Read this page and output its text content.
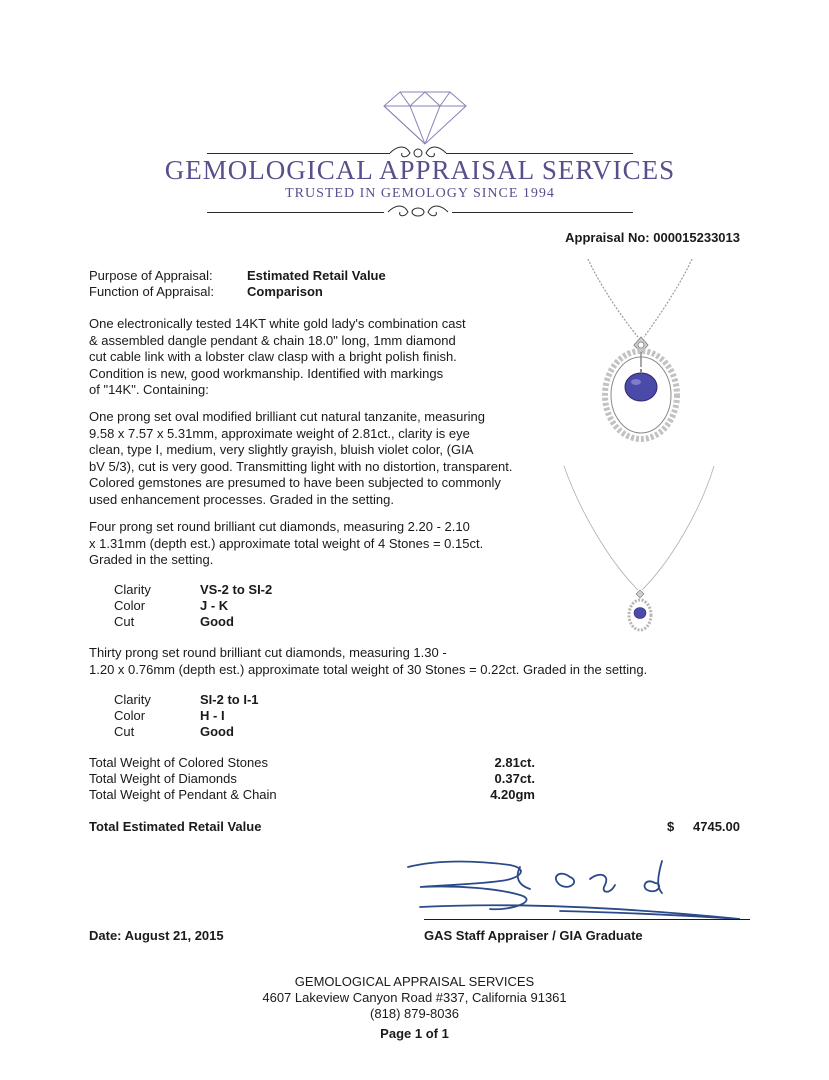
GEMOLOGICAL APPRAISAL SERVICES
TRUSTED IN GEMOLOGY SINCE 1994
Appraisal No: 000015233013
Purpose of Appraisal:	Estimated Retail Value
Function of Appraisal:	Comparison
One electronically tested 14KT white gold lady's combination cast
& assembled dangle pendant & chain 18.0" long, 1mm diamond
cut cable link with a lobster claw clasp with a bright polish finish.
Condition is new, good workmanship. Identified with markings
of "14K". Containing:
One prong set oval modified brilliant cut natural tanzanite, measuring
9.58 x 7.57 x 5.31mm, approximate weight of 2.81ct., clarity is eye
clean, type I, medium, very slightly grayish, bluish violet color, (GIA
bV 5/3), cut is very good. Transmitting light with no distortion, transparent.
Colored gemstones are presumed to have been subjected to commonly
used enhancement processes. Graded in the setting.
Four prong set round brilliant cut diamonds, measuring 2.20 - 2.10
x 1.31mm (depth est.) approximate total weight of 4 Stones = 0.15ct.
Graded in the setting.
Clarity	VS-2 to SI-2
Color	J - K
Cut	Good
Thirty prong set round brilliant cut diamonds, measuring 1.30 -
1.20 x 0.76mm (depth est.) approximate total weight of 30 Stones = 0.22ct. Graded in the setting.
Clarity	SI-2 to I-1
Color	H - I
Cut	Good
Total Weight of Colored Stones	2.81ct.
Total Weight of Diamonds	0.37ct.
Total Weight of Pendant & Chain	4.20gm
Total Estimated Retail Value	$ 4745.00
Date: August 21, 2015	GAS Staff Appraiser / GIA Graduate
GEMOLOGICAL APPRAISAL SERVICES
4607 Lakeview Canyon Road #337, California 91361
(818) 879-8036
Page 1 of 1
